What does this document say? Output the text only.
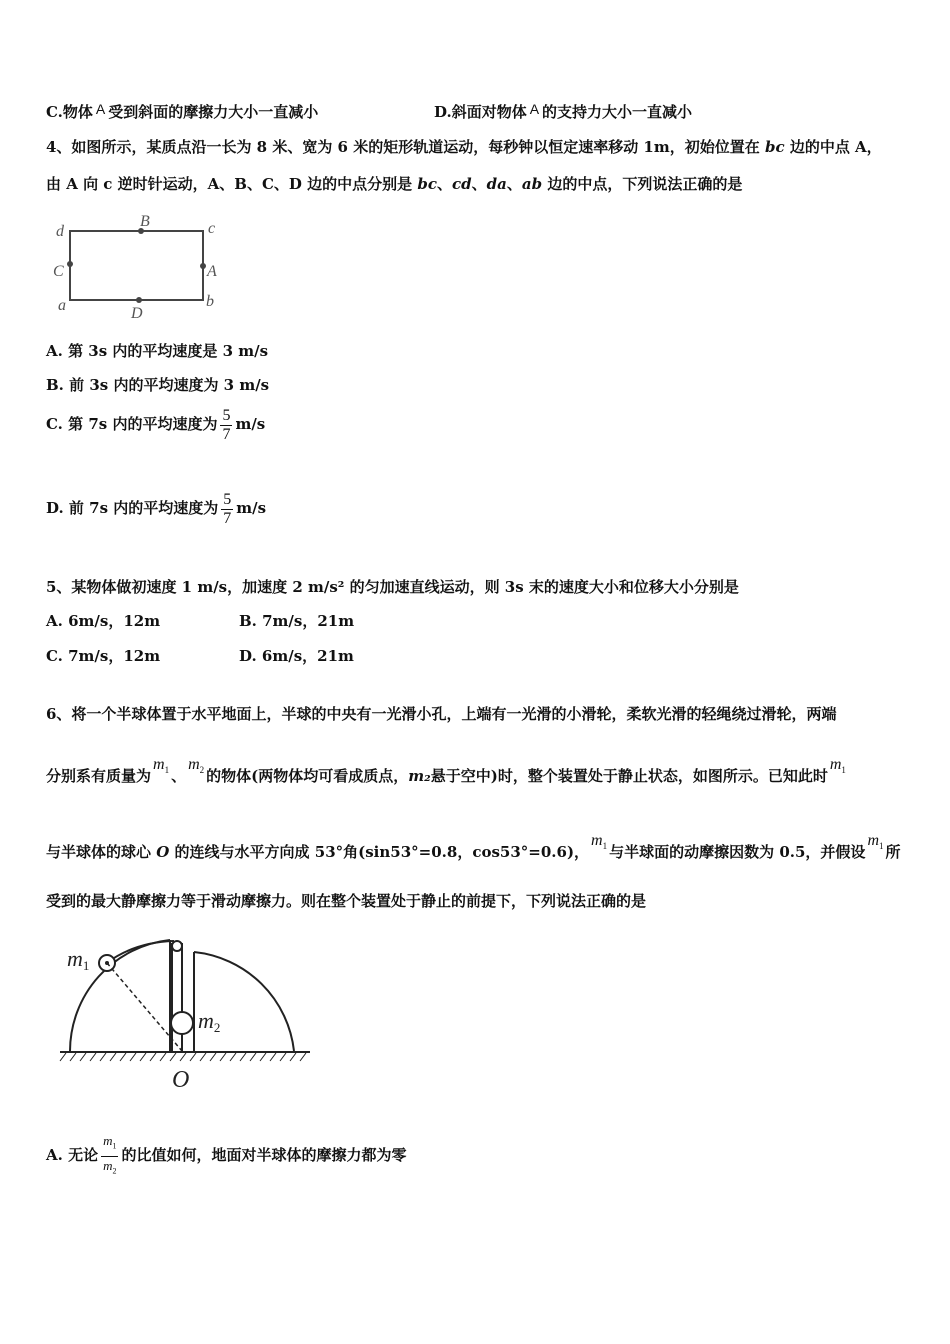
C.物体 A 受到斜面的摩擦力大小一直减小	D.斜面对物体 A 的支持力大小一直减小
4、如图所示，某质点沿一长为 8 米、宽为 6 米的矩形轨道运动，每秒钟以恒定速率移动 1m，初始位置在 bc 边的中点 A，
由 A 向 c 逆时针运动，A、B、C、D 边的中点分别是 bc、cd、da、ab 边的中点，下列说法正确的是
d
B	c
C	A
a	D
b
A. 第 3s 内的平均速度是 3 m/s
B. 前 3s 内的平均速度为 3 m/s
C. 第 7s 内的平均速度为 $\frac{5}{7} m/s$
D. 前 7s 内的平均速度为 $\frac{5}{7} m/s$
5、某物体做初速度 1 m/s，加速度 2 m/s² 的匀加速直线运动，则 3s 末的速度大小和位移大小分别是
A. 6m/s，12m	B. 7m/s，21m
C. 7m/s，12m	D. 6m/s，21m
6、将一个半球体置于水平地面上，半球的中央有一光滑小孔，上端有一光滑的小滑轮，柔软光滑的轻绳绕过滑轮，两端
分别系有质量为$m_1$ 、$m_2$ 的物体(两物体均可看成质点，m₂悬于空中)时，整个装置处于静止状态，如图所示。已知此时$m_1$
与半球体的球心 O 的连线与水平方向成 53°角(sin53°=0.8，cos53°=0.6)，$m_1$ 与半球面的动摩擦因数为 0.5，并假设$m_1$ 所
受到的最大静摩擦力等于滑动摩擦力。则在整个装置处于静止的前提下，下列说法正确的是
m1
m2
O
A. 无论 $\frac{m_1}{m_2}$ 的比值如何，地面对半球体的摩擦力都为零
